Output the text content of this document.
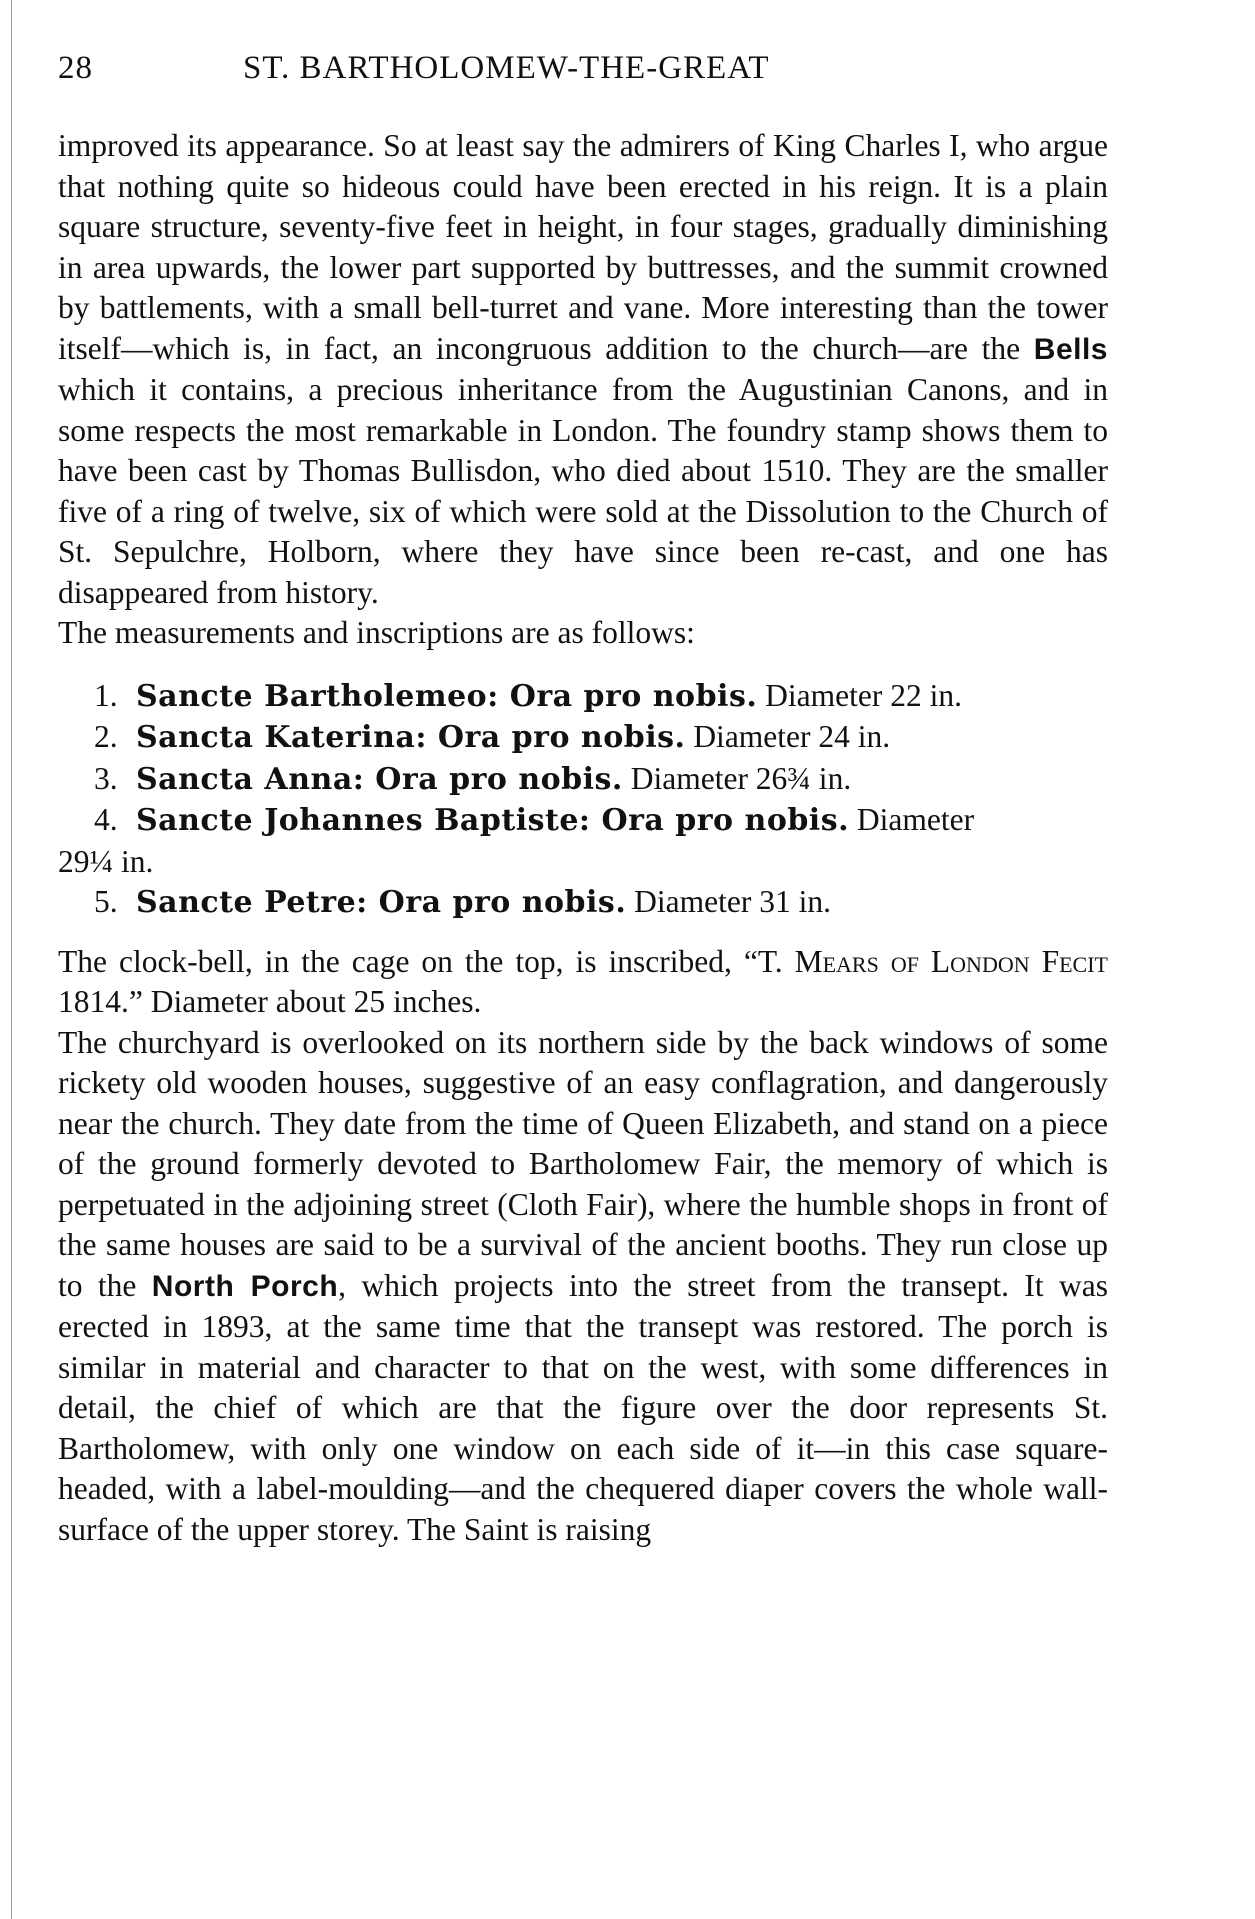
28	ST. BARTHOLOMEW-THE-GREAT

improved its appearance. So at least say the admirers of King Charles I, who argue that nothing quite so hideous could have been erected in his reign. It is a plain square structure, seventy-five feet in height, in four stages, gradually diminishing in area upwards, the lower part supported by buttresses, and the summit crowned by battlements, with a small bell-turret and vane. More interesting than the tower itself—which is, in fact, an incongruous addition to the church—are the Bells which it contains, a precious inheritance from the Augustinian Canons, and in some respects the most remarkable in London. The foundry stamp shows them to have been cast by Thomas Bullisdon, who died about 1510. They are the smaller five of a ring of twelve, six of which were sold at the Dissolution to the Church of St. Sepulchre, Holborn, where they have since been re-cast, and one has disappeared from history.

The measurements and inscriptions are as follows:

1. Sancte Bartholemeo: Ora pro nobis. Diameter 22 in.
2. Sancta Katerina: Ora pro nobis. Diameter 24 in.
3. Sancta Anna: Ora pro nobis. Diameter 26¾ in.
4. Sancte Johannes Baptiste: Ora pro nobis. Diameter
29¼ in.
5. Sancte Petre: Ora pro nobis. Diameter 31 in.

The clock-bell, in the cage on the top, is inscribed, “T. Mears of London Fecit 1814.” Diameter about 25 inches.

The churchyard is overlooked on its northern side by the back windows of some rickety old wooden houses, suggestive of an easy conflagration, and dangerously near the church. They date from the time of Queen Elizabeth, and stand on a piece of the ground formerly devoted to Bartholomew Fair, the memory of which is perpetuated in the adjoining street (Cloth Fair), where the humble shops in front of the same houses are said to be a survival of the ancient booths. They run close up to the North Porch, which projects into the street from the transept. It was erected in 1893, at the same time that the transept was restored. The porch is similar in material and character to that on the west, with some differences in detail, the chief of which are that the figure over the door represents St. Bartholomew, with only one window on each side of it—in this case square-headed, with a label-moulding—and the chequered diaper covers the whole wall-surface of the upper storey. The Saint is raising
